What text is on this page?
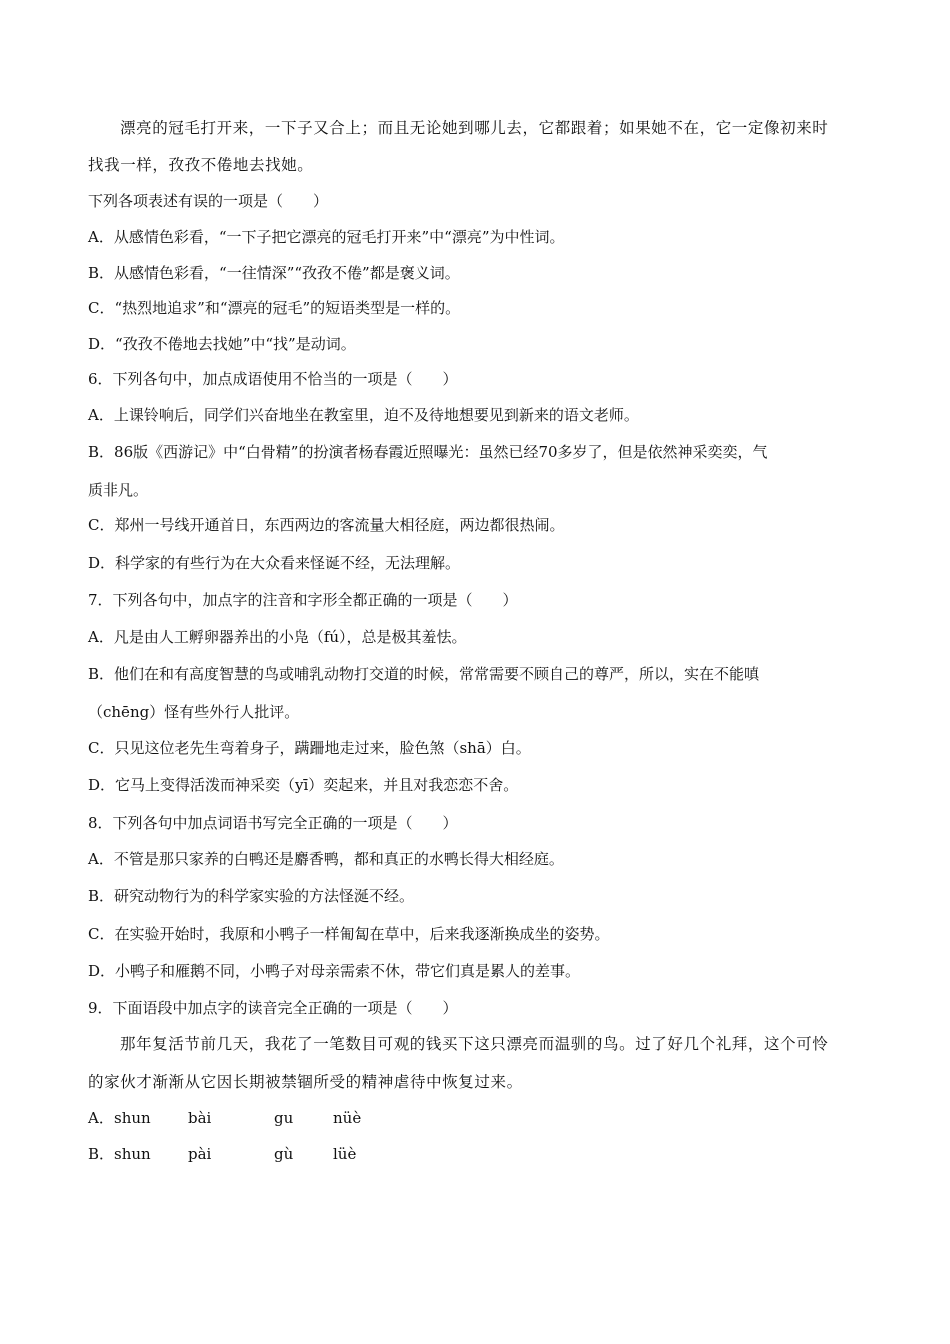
漂亮的冠毛打开来，一下子又合上；而且无论她到哪儿去，它都跟着；如果她不在，它一定像初来时
找我一样，孜孜不倦地去找她。
下列各项表述有误的一项是（　　）
A．从感情色彩看，“一下子把它漂亮的冠毛打开来”中“漂亮”为中性词。
B．从感情色彩看，“一往情深”“孜孜不倦”都是褒义词。
C．“热烈地追求”和“漂亮的冠毛”的短语类型是一样的。
D．“孜孜不倦地去找她”中“找”是动词。
6．下列各句中，加点成语使用不恰当的一项是（　　）
A．上课铃响后，同学们兴奋地坐在教室里，迫不及待地想要见到新来的语文老师。
B．86版《西游记》中“白骨精”的扮演者杨春霞近照曝光：虽然已经70多岁了，但是依然神采奕奕，气
质非凡。
C．郑州一号线开通首日，东西两边的客流量大相径庭，两边都很热闹。
D．科学家的有些行为在大众看来怪诞不经，无法理解。
7．下列各句中，加点字的注音和字形全都正确的一项是（　　）
A．凡是由人工孵卵器养出的小凫（fú），总是极其羞怯。
B．他们在和有高度智慧的鸟或哺乳动物打交道的时候，常常需要不顾自己的尊严，所以，实在不能嗔
（chēng）怪有些外行人批评。
C．只见这位老先生弯着身子，蹒跚地走过来，脸色煞（shā）白。
D．它马上变得活泼而神采奕（yī）奕起来，并且对我恋恋不舍。
8．下列各句中加点词语书写完全正确的一项是（　　）
A．不管是那只家养的白鸭还是麝香鸭，都和真正的水鸭长得大相经庭。
B．研究动物行为的科学家实验的方法怪涎不经。
C．在实验开始时，我原和小鸭子一样匍匐在草中，后来我逐渐换成坐的姿势。
D．小鸭子和雁鹅不同，小鸭子对母亲需索不休，带它们真是累人的差事。
9．下面语段中加点字的读音完全正确的一项是（　　）
那年复活节前几天，我花了一笔数目可观的钱买下这只漂亮而温驯的鸟。过了好几个礼拜，这个可怜
的家伙才渐渐从它因长期被禁锢所受的精神虐待中恢复过来。
A．shun bài	gu	nüè
B．shun pài	gù	lüè
